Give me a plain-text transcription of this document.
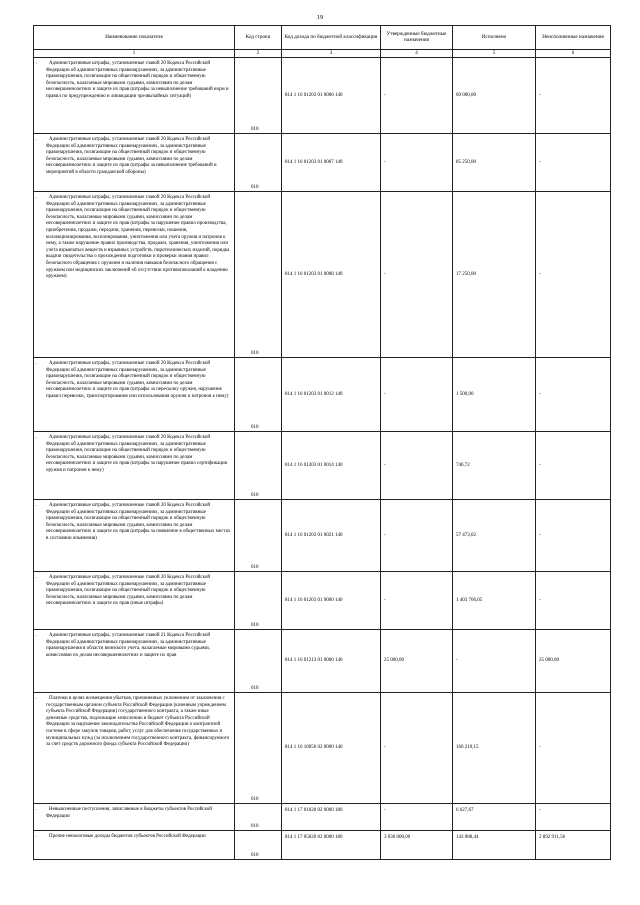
19
Наименование показателя	Код строки	Код дохода по бюджетной классификации	Утвержденные бюджетные назначения	Исполнено	Неисполненные назначения
1	2	3	4	5	6

. Административные штрафы, установленные главой 20 Кодекса Российской Федерации об административных правонарушениях, за административные правонарушения, посягающие на общественный порядок и общественную безопасность, налагаемые мировыми судьями, комиссиями по делам несовершеннолетних и защите их прав (штрафы за невыполнение требований норм и правил по предупреждению и ликвидации чрезвычайных ситуаций)	010	814 1 16 01203 01 0006 140	-	60 000,00	-

. Административные штрафы, установленные главой 20 Кодекса Российской Федерации об административных правонарушениях, за административные правонарушения, посягающие на общественный порядок и общественную безопасность, налагаемые мировыми судьями, комиссиями по делам несовершеннолетних и защите их прав (штрафы за невыполнение требований и мероприятий в области гражданской обороны)	010	814 1 16 01203 01 0007 140	-	85 250,00	-

. Административные штрафы, установленные главой 20 Кодекса Российской Федерации об административных правонарушениях, за административные правонарушения, посягающие на общественный порядок и общественную безопасность, налагаемые мировыми судьями, комиссиями по делам несовершеннолетних и защите их прав (штрафы за нарушение правил производства, приобретения, продажи, передачи, хранения, перевозки, ношения, коллекционирования, экспонирования, уничтожения или учета оружия и патронов к нему, а также нарушение правил производства, продажи, хранения, уничтожения или учета взрывчатых веществ и взрывных устройств, пиротехнических изделий, порядка выдачи свидетельства о прохождении подготовки и проверки знания правил безопасного обращения с оружием и наличия навыков безопасного обращения с оружием или медицинских заключений об отсутствии противопоказаний к владению оружием)	010	814 1 16 01203 01 0008 140	-	17 250,00	-

. Административные штрафы, установленные главой 20 Кодекса Российской Федерации об административных правонарушениях, за административные правонарушения, посягающие на общественный порядок и общественную безопасность, налагаемые мировыми судьями, комиссиями по делам несовершеннолетних и защите их прав (штрафы за пересылку оружия, нарушение правил перевозки, транспортирования или использования оружия и патронов к нему)	010	814 1 16 01203 01 0012 140	-	1 500,00	-

. Административные штрафы, установленные главой 20 Кодекса Российской Федерации об административных правонарушениях, за административные правонарушения, посягающие на общественный порядок и общественную безопасность, налагаемые мировыми судьями, комиссиями по делам несовершеннолетних и защите их прав (штрафы за нарушение правил сертификации оружия и патронов к нему)	010	814 1 16 01203 01 0014 140	-	746,72	-

. Административные штрафы, установленные главой 20 Кодекса Российской Федерации об административных правонарушениях, за административные правонарушения, посягающие на общественный порядок и общественную безопасность, налагаемые мировыми судьями, комиссиями по делам несовершеннолетних и защите их прав (штрафы за появление в общественных местах в состоянии опьянения)	010	814 1 16 01203 01 0021 140	-	57 473,02	-

. Административные штрафы, установленные главой 20 Кодекса Российской Федерации об административных правонарушениях, за административные правонарушения, посягающие на общественный порядок и общественную безопасность, налагаемые мировыми судьями, комиссиями по делам несовершеннолетних и защите их прав (иные штрафы)	010	814 1 16 01203 01 9000 140	-	1 403 766,05	-

. Административные штрафы, установленные главой 21 Кодекса Российской Федерации об административных правонарушениях, за административные правонарушения в области воинского учета, налагаемые мировыми судьями, комиссиями по делам несовершеннолетних и защите их прав	010	814 1 16 01213 01 0000 140	25 000,00	-	25 000,00

. Платежи в целях возмещения убытков, причиненных уклонением от заключения с государственным органом субъекта Российской Федерации (казенным учреждением субъекта Российской Федерации) государственного контракта, а также иные денежные средства, подлежащие зачислению в бюджет субъекта Российской Федерации за нарушение законодательства Российской Федерации о контрактной системе в сфере закупок товаров, работ, услуг для обеспечения государственных и муниципальных нужд (за исключением государственного контракта, финансируемого за счет средств дорожного фонда субъекта Российской Федерации)	010	814 1 16 10056 02 0000 140	-	166 210,15	-

. Невыясненные поступления, зачисляемые в бюджеты субъектов Российской Федерации	010	814 1 17 01020 02 0000 180	-	6 627,67	-

. Прочие неналоговые доходы бюджетов субъектов Российской Федерации	010	814 1 17 05020 02 0000 180	3 036 000,00	143 088,44	2 892 911,56
